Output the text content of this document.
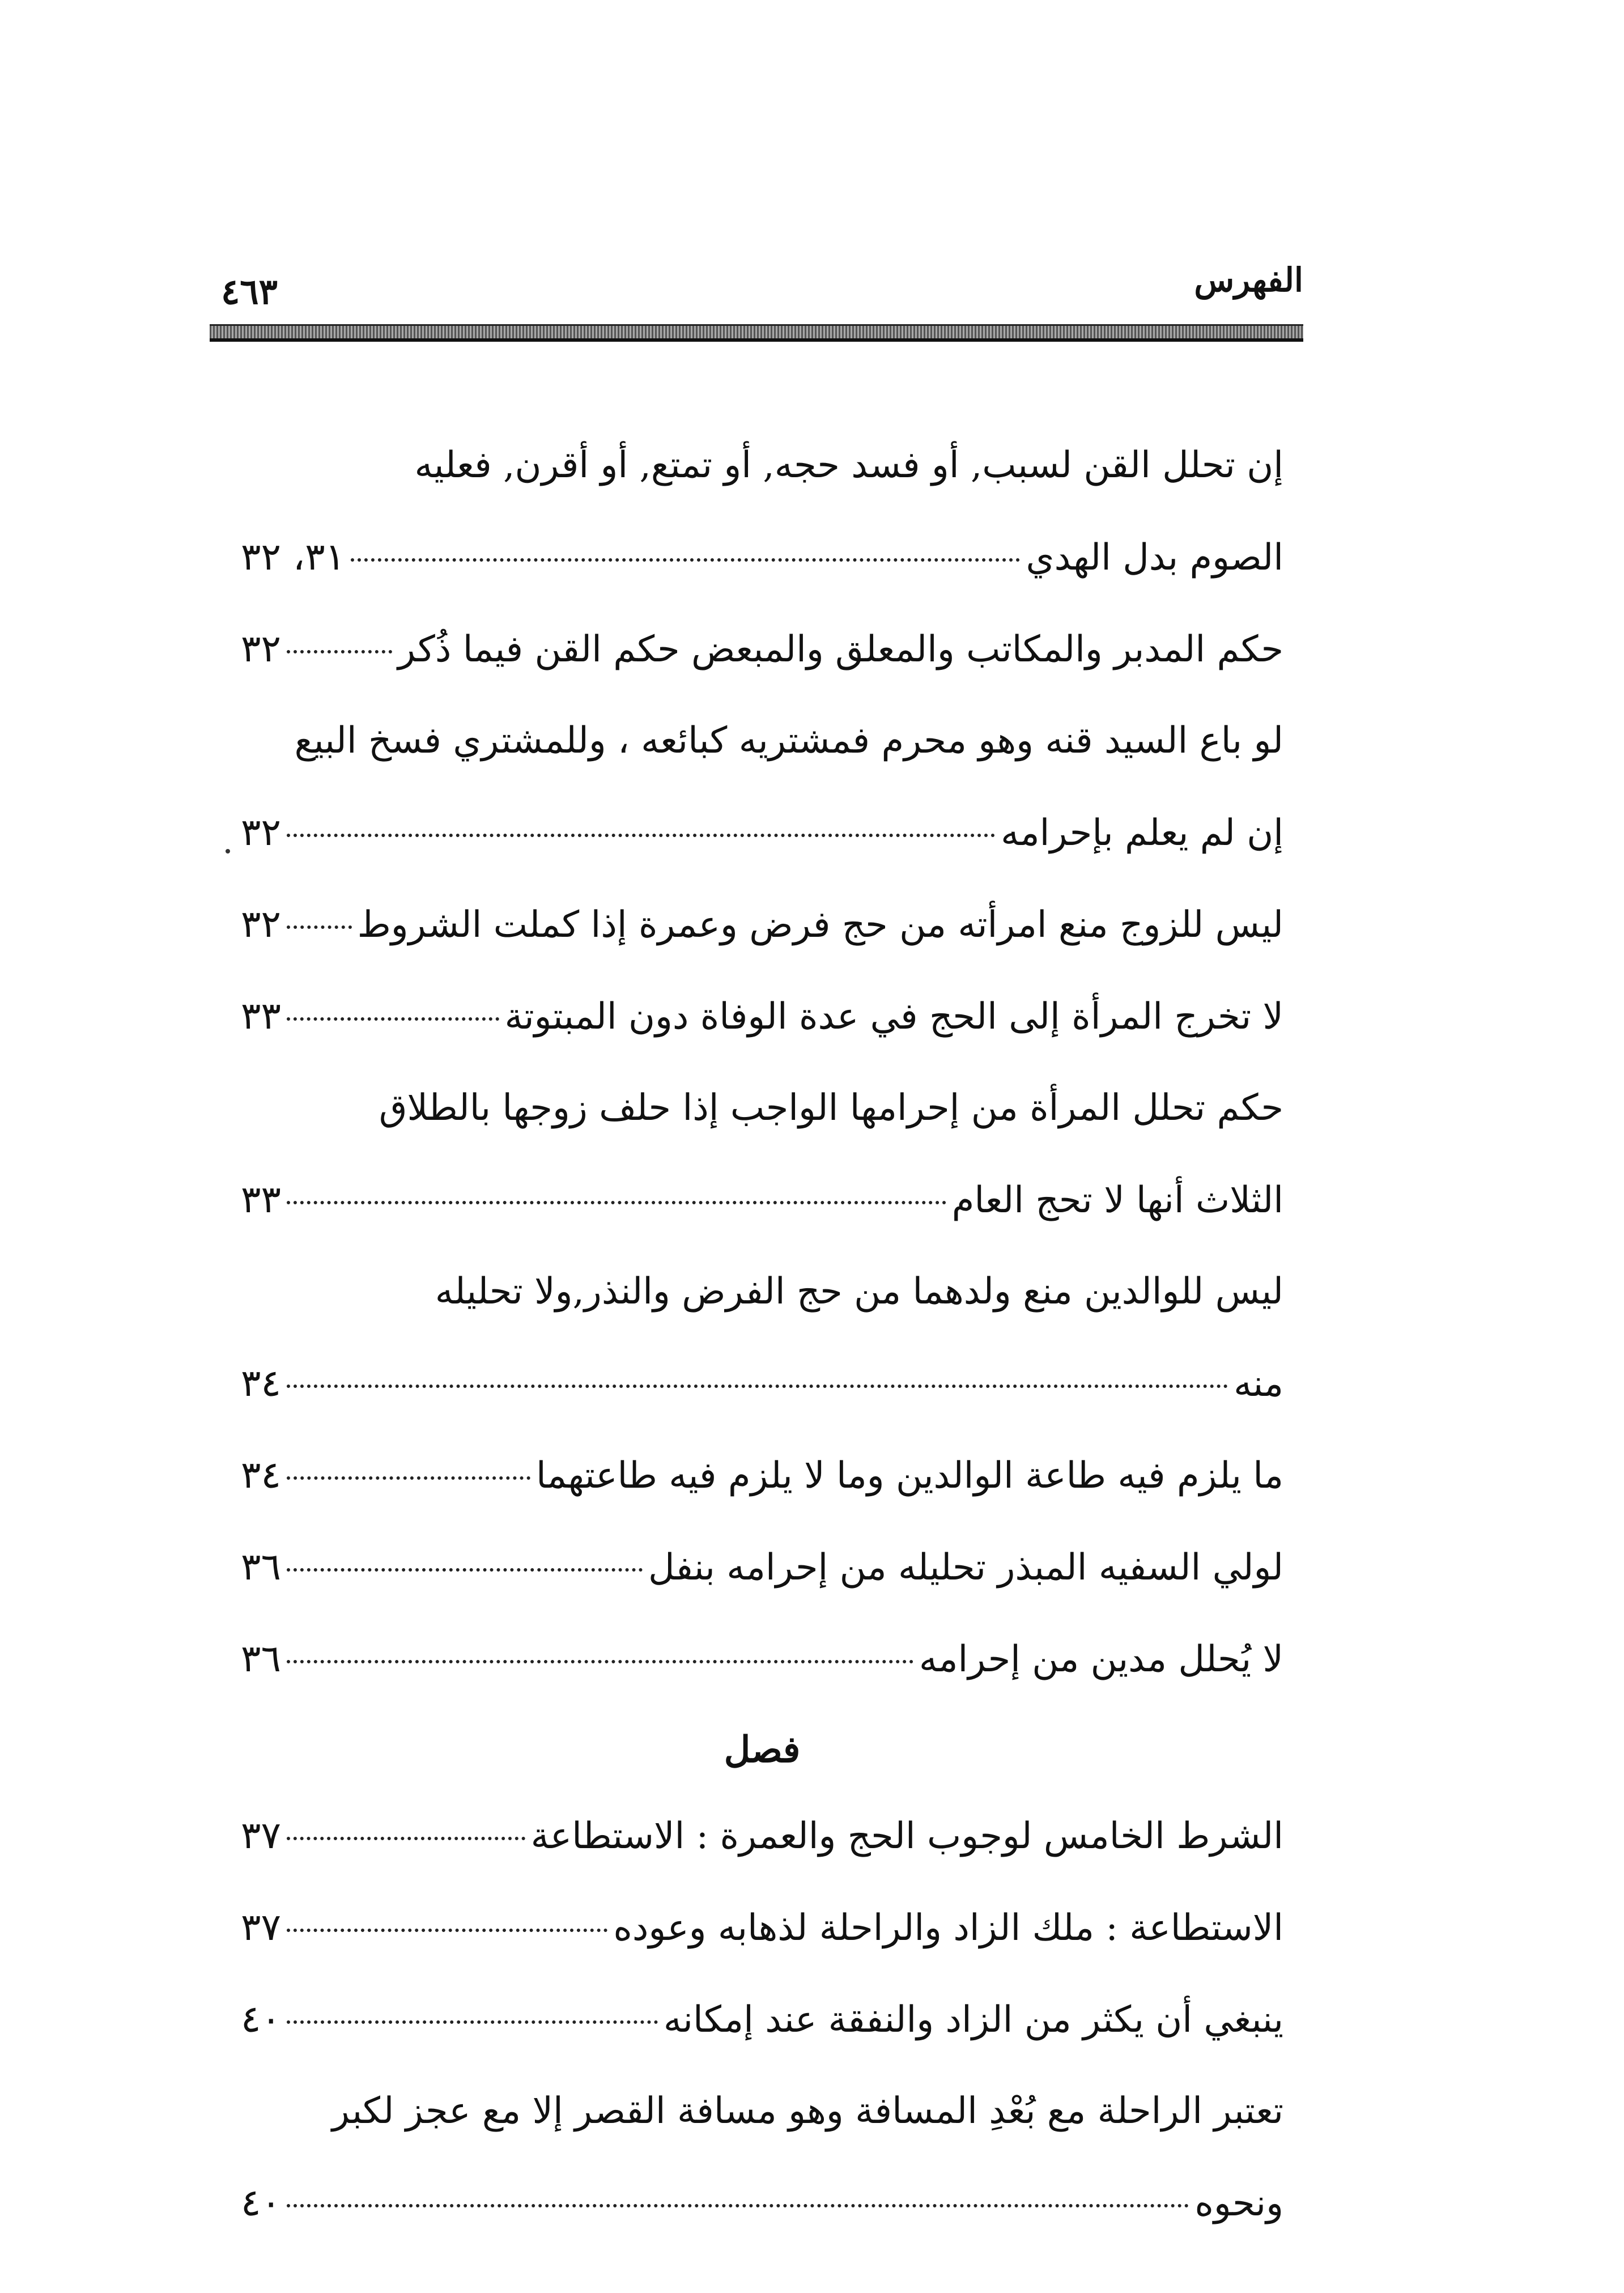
الفهرس
٤٦٣
إن تحلل القن لسبب, أو فسد حجه, أو تمتع, أو أقرن, فعليه
الصوم بدل الهدي
٣١، ٣٢
حكم المدبر والمكاتب والمعلق والمبعض حكم القن فيما ذُكر
٣٢
لو باع السيد قنه وهو محرم فمشتريه كبائعه ، وللمشتري فسخ البيع
إن لم يعلم بإحرامه
٣٢
ليس للزوج منع امرأته من حج فرض وعمرة إذا كملت الشروط
٣٢
لا تخرج المرأة إلى الحج في عدة الوفاة دون المبتوتة
٣٣
حكم تحلل المرأة من إحرامها الواجب إذا حلف زوجها بالطلاق
الثلاث أنها لا تحج العام
٣٣
ليس للوالدين منع ولدهما من حج الفرض والنذر,ولا تحليله
منه
٣٤
ما يلزم فيه طاعة الوالدين وما لا يلزم فيه طاعتهما
٣٤
لولي السفيه المبذر تحليله من إحرامه بنفل
٣٦
لا يُحلل مدين من إحرامه
٣٦
فصل
الشرط الخامس لوجوب الحج والعمرة : الاستطاعة
٣٧
الاستطاعة : ملك الزاد والراحلة لذهابه وعوده
٣٧
ينبغي أن يكثر من الزاد والنفقة عند إمكانه
٤٠
تعتبر الراحلة مع بُعْدِ المسافة وهو مسافة القصر إلا مع عجز لكبر
ونحوه
٤٠
